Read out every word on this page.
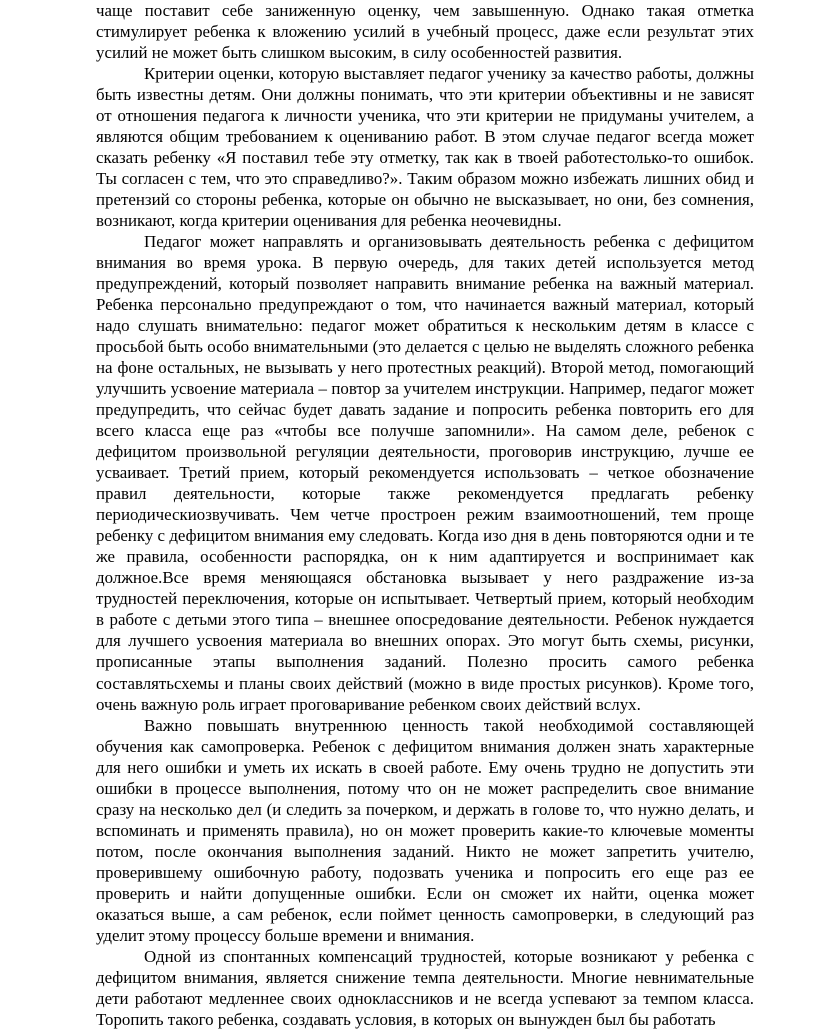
чаще поставит себе заниженную оценку, чем завышенную. Однако такая отметка стимулирует ребенка к вложению усилий в учебный процесс, даже если результат этих усилий не может быть слишком высоким, в силу особенностей развития.

Критерии оценки, которую выставляет педагог ученику за качество работы, должны быть известны детям. Они должны понимать, что эти критерии объективны и не зависят от отношения педагога к личности ученика, что эти критерии не придуманы учителем, а являются общим требованием к оцениванию работ. В этом случае педагог всегда может сказать ребенку «Я поставил тебе эту отметку, так как в твоей работестолько-то ошибок. Ты согласен с тем, что это справедливо?». Таким образом можно избежать лишних обид и претензий со стороны ребенка, которые он обычно не высказывает, но они, без сомнения, возникают, когда критерии оценивания для ребенка неочевидны.

Педагог может направлять и организовывать деятельность ребенка с дефицитом внимания во время урока. В первую очередь, для таких детей используется метод предупреждений, который позволяет направить внимание ребенка на важный материал. Ребенка персонально предупреждают о том, что начинается важный материал, который надо слушать внимательно: педагог может обратиться к нескольким детям в классе с просьбой быть особо внимательными (это делается с целью не выделять сложного ребенка на фоне остальных, не вызывать у него протестных реакций). Второй метод, помогающий улучшить усвоение материала – повтор за учителем инструкции. Например, педагог может предупредить, что сейчас будет давать задание и попросить ребенка повторить его для всего класса еще раз «чтобы все получше запомнили». На самом деле, ребенок с дефицитом произвольной регуляции деятельности, проговорив инструкцию, лучше ее усваивает. Третий прием, который рекомендуется использовать – четкое обозначение правил деятельности, которые также рекомендуется предлагать ребенку периодическиозвучивать. Чем четче простроен режим взаимоотношений, тем проще ребенку с дефицитом внимания ему следовать. Когда изо дня в день повторяются одни и те же правила, особенности распорядка, он к ним адаптируется и воспринимает как должное.Все время меняющаяся обстановка вызывает у него раздражение из-за трудностей переключения, которые он испытывает. Четвертый прием, который необходим в работе с детьми этого типа – внешнее опосредование деятельности. Ребенок нуждается для лучшего усвоения материала во внешних опорах. Это могут быть схемы, рисунки, прописанные этапы выполнения заданий. Полезно просить самого ребенка составлятьсхемы и планы своих действий (можно в виде простых рисунков). Кроме того, очень важную роль играет проговаривание ребенком своих действий вслух.

Важно повышать внутреннюю ценность такой необходимой составляющей обучения как самопроверка. Ребенок с дефицитом внимания должен знать характерные для него ошибки и уметь их искать в своей работе. Ему очень трудно не допустить эти ошибки в процессе выполнения, потому что он не может распределить свое внимание сразу на несколько дел (и следить за почерком, и держать в голове то, что нужно делать, и вспоминать и применять правила), но он может проверить какие-то ключевые моменты потом, после окончания выполнения заданий. Никто не может запретить учителю, проверившему ошибочную работу, подозвать ученика и попросить его еще раз ее проверить и найти допущенные ошибки. Если он сможет их найти, оценка может оказаться выше, а сам ребенок, если поймет ценность самопроверки, в следующий раз уделит этому процессу больше времени и внимания.

Одной из спонтанных компенсаций трудностей, которые возникают у ребенка с дефицитом внимания, является снижение темпа деятельности. Многие невнимательные дети работают медленнее своих одноклассников и не всегда успевают за темпом класса. Торопить такого ребенка, создавать условия, в которых он вынужден был бы работать
